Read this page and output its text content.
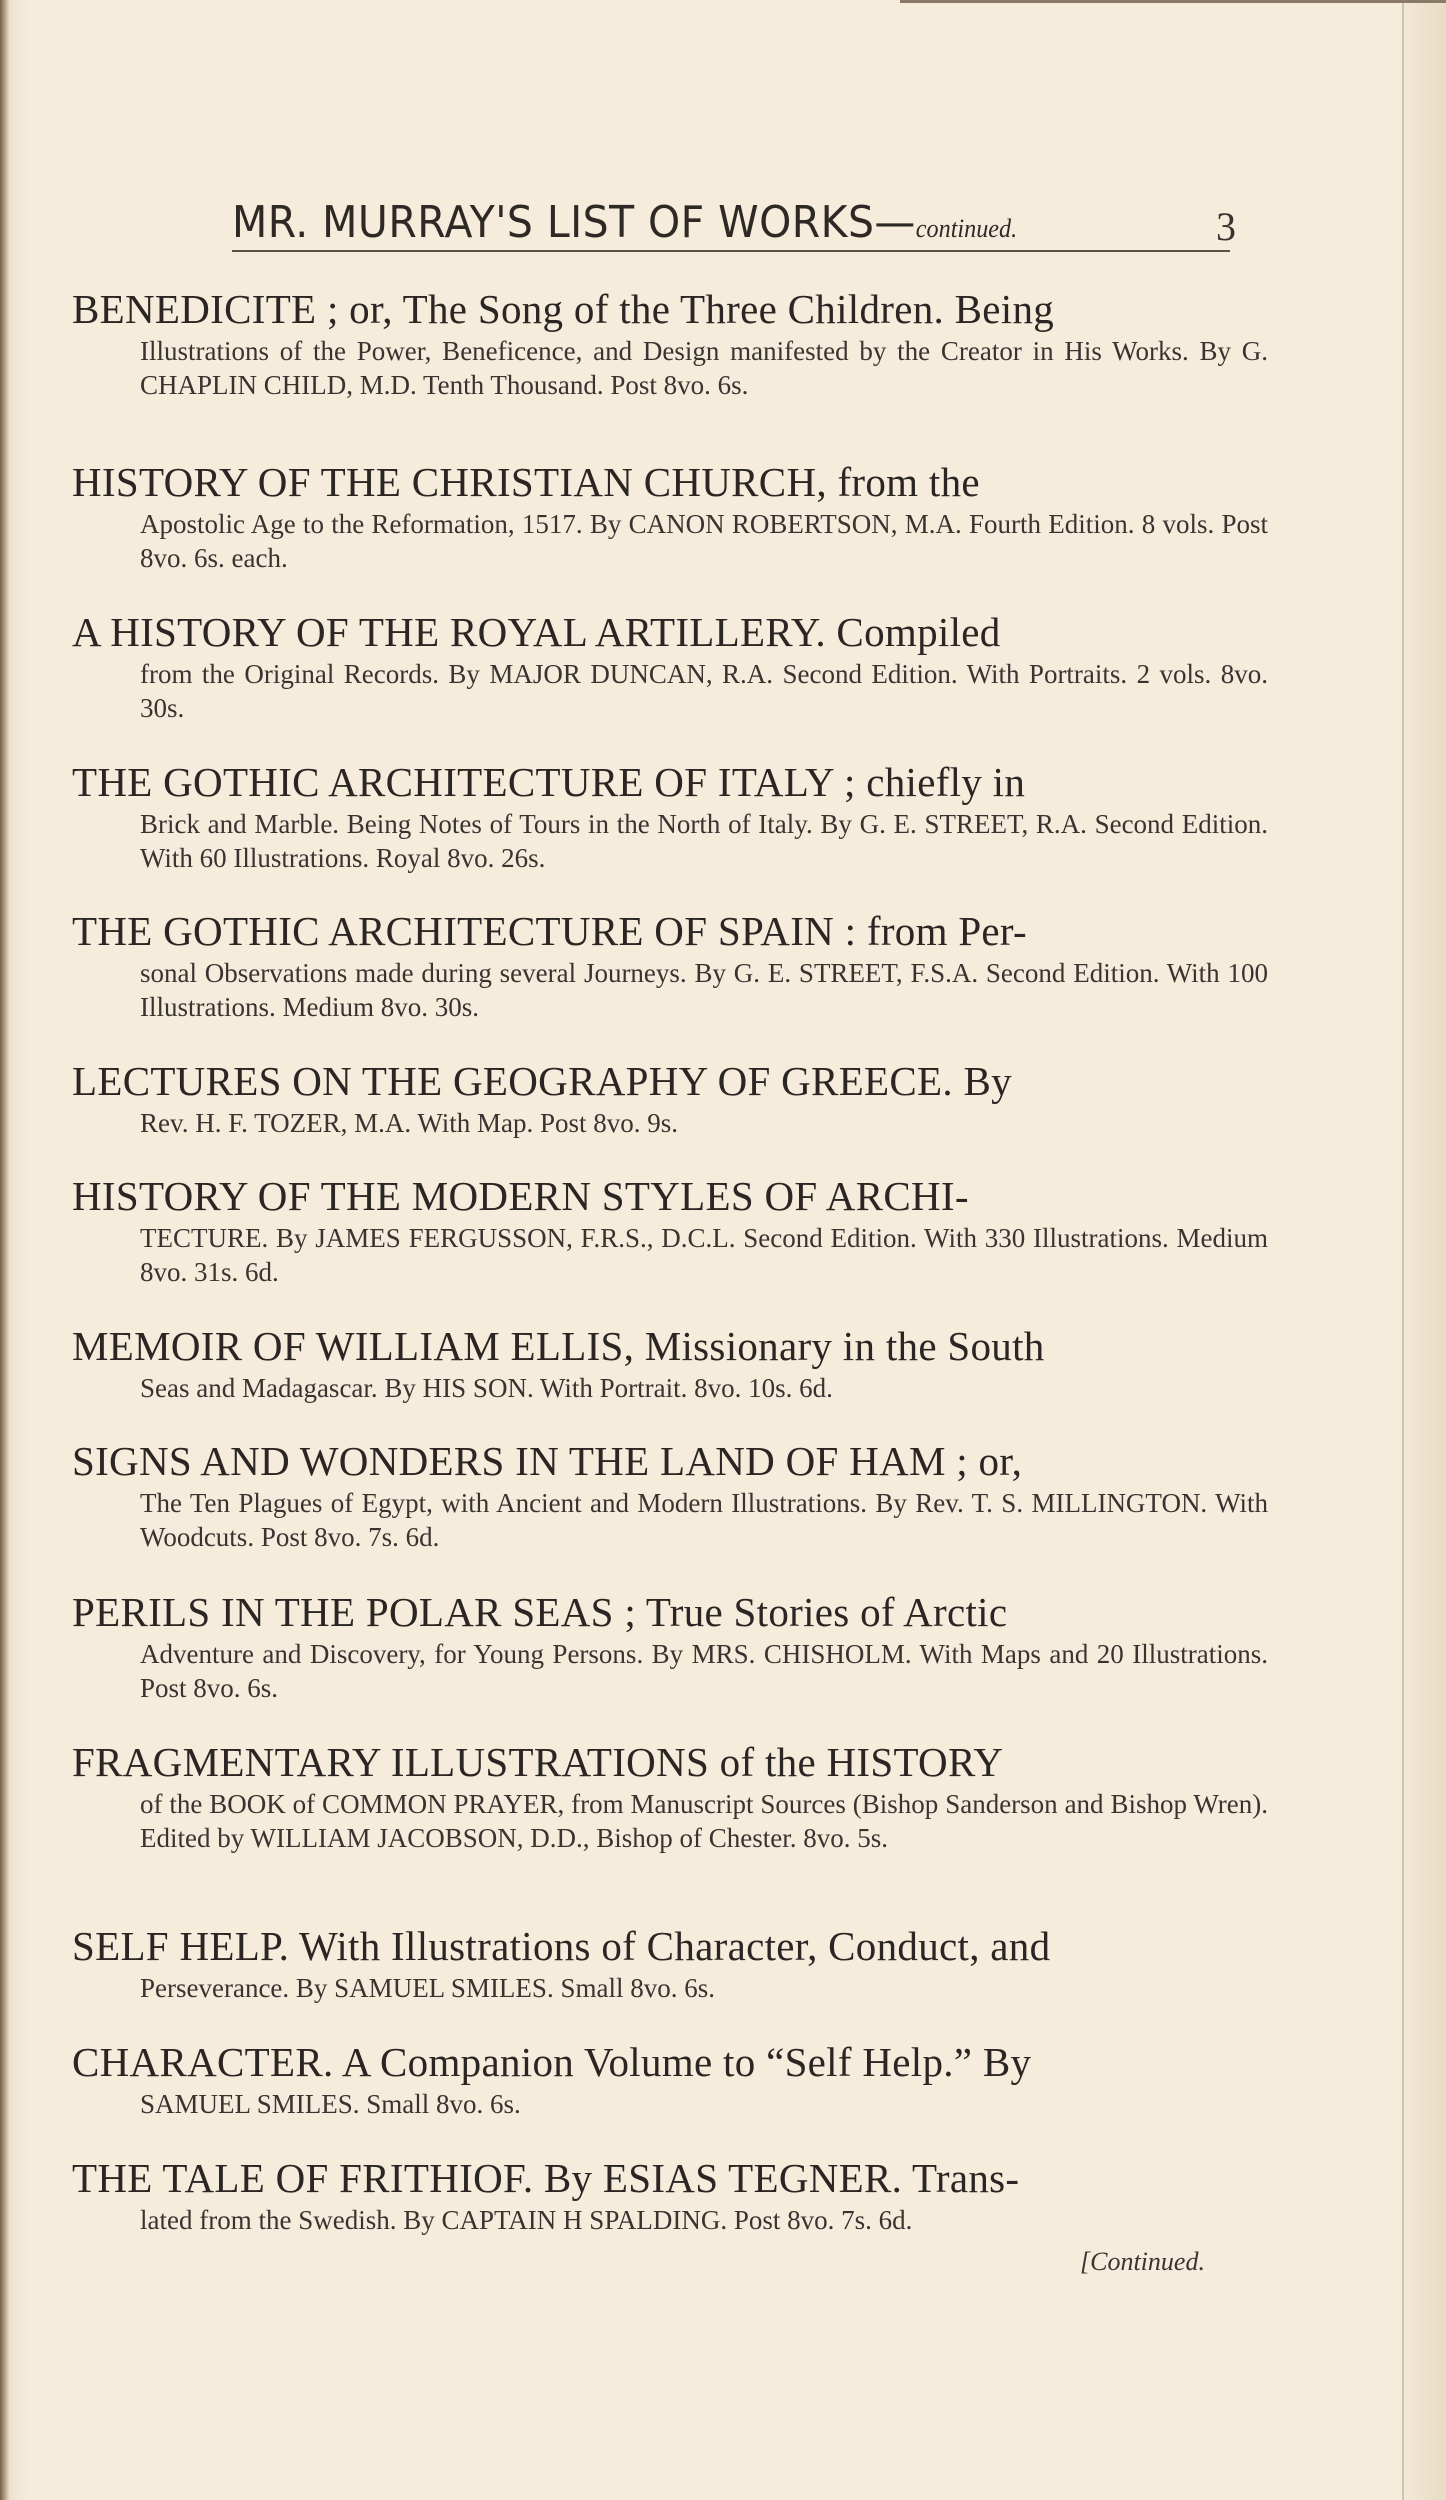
MR. MURRAY'S LIST OF WORKS—continued.	3
BENEDICITE ; or, The Song of the Three Children. Being
Illustrations of the Power, Beneficence, and Design manifested by the Creator in His Works. By G. CHAPLIN CHILD, M.D. Tenth Thousand. Post 8vo. 6s.
HISTORY OF THE CHRISTIAN CHURCH, from the
Apostolic Age to the Reformation, 1517. By CANON ROBERTSON, M.A. Fourth Edition. 8 vols. Post 8vo. 6s. each.
A HISTORY OF THE ROYAL ARTILLERY. Compiled
from the Original Records. By MAJOR DUNCAN, R.A. Second Edition. With Portraits. 2 vols. 8vo. 30s.
THE GOTHIC ARCHITECTURE OF ITALY ; chiefly in
Brick and Marble. Being Notes of Tours in the North of Italy. By G. E. STREET, R.A. Second Edition. With 60 Illustrations. Royal 8vo. 26s.
THE GOTHIC ARCHITECTURE OF SPAIN : from Per-
sonal Observations made during several Journeys. By G. E. STREET, F.S.A. Second Edition. With 100 Illustrations. Medium 8vo. 30s.
LECTURES ON THE GEOGRAPHY OF GREECE. By
Rev. H. F. TOZER, M.A. With Map. Post 8vo. 9s.
HISTORY OF THE MODERN STYLES OF ARCHI-
TECTURE. By JAMES FERGUSSON, F.R.S., D.C.L. Second Edition. With 330 Illustrations. Medium 8vo. 31s. 6d.
MEMOIR OF WILLIAM ELLIS, Missionary in the South
Seas and Madagascar. By HIS SON. With Portrait. 8vo. 10s. 6d.
SIGNS AND WONDERS IN THE LAND OF HAM ; or,
The Ten Plagues of Egypt, with Ancient and Modern Illustrations. By Rev. T. S. MILLINGTON. With Woodcuts. Post 8vo. 7s. 6d.
PERILS IN THE POLAR SEAS ; True Stories of Arctic
Adventure and Discovery, for Young Persons. By MRS. CHISHOLM. With Maps and 20 Illustrations. Post 8vo. 6s.
FRAGMENTARY ILLUSTRATIONS of the HISTORY
of the BOOK of COMMON PRAYER, from Manuscript Sources (Bishop Sanderson and Bishop Wren). Edited by WILLIAM JACOBSON, D.D., Bishop of Chester. 8vo. 5s.
SELF HELP. With Illustrations of Character, Conduct, and
Perseverance. By SAMUEL SMILES. Small 8vo. 6s.
CHARACTER. A Companion Volume to “Self Help.” By
SAMUEL SMILES. Small 8vo. 6s.
THE TALE OF FRITHIOF. By ESIAS TEGNER. Trans-
lated from the Swedish. By CAPTAIN H SPALDING. Post 8vo. 7s. 6d.
[Continued.
